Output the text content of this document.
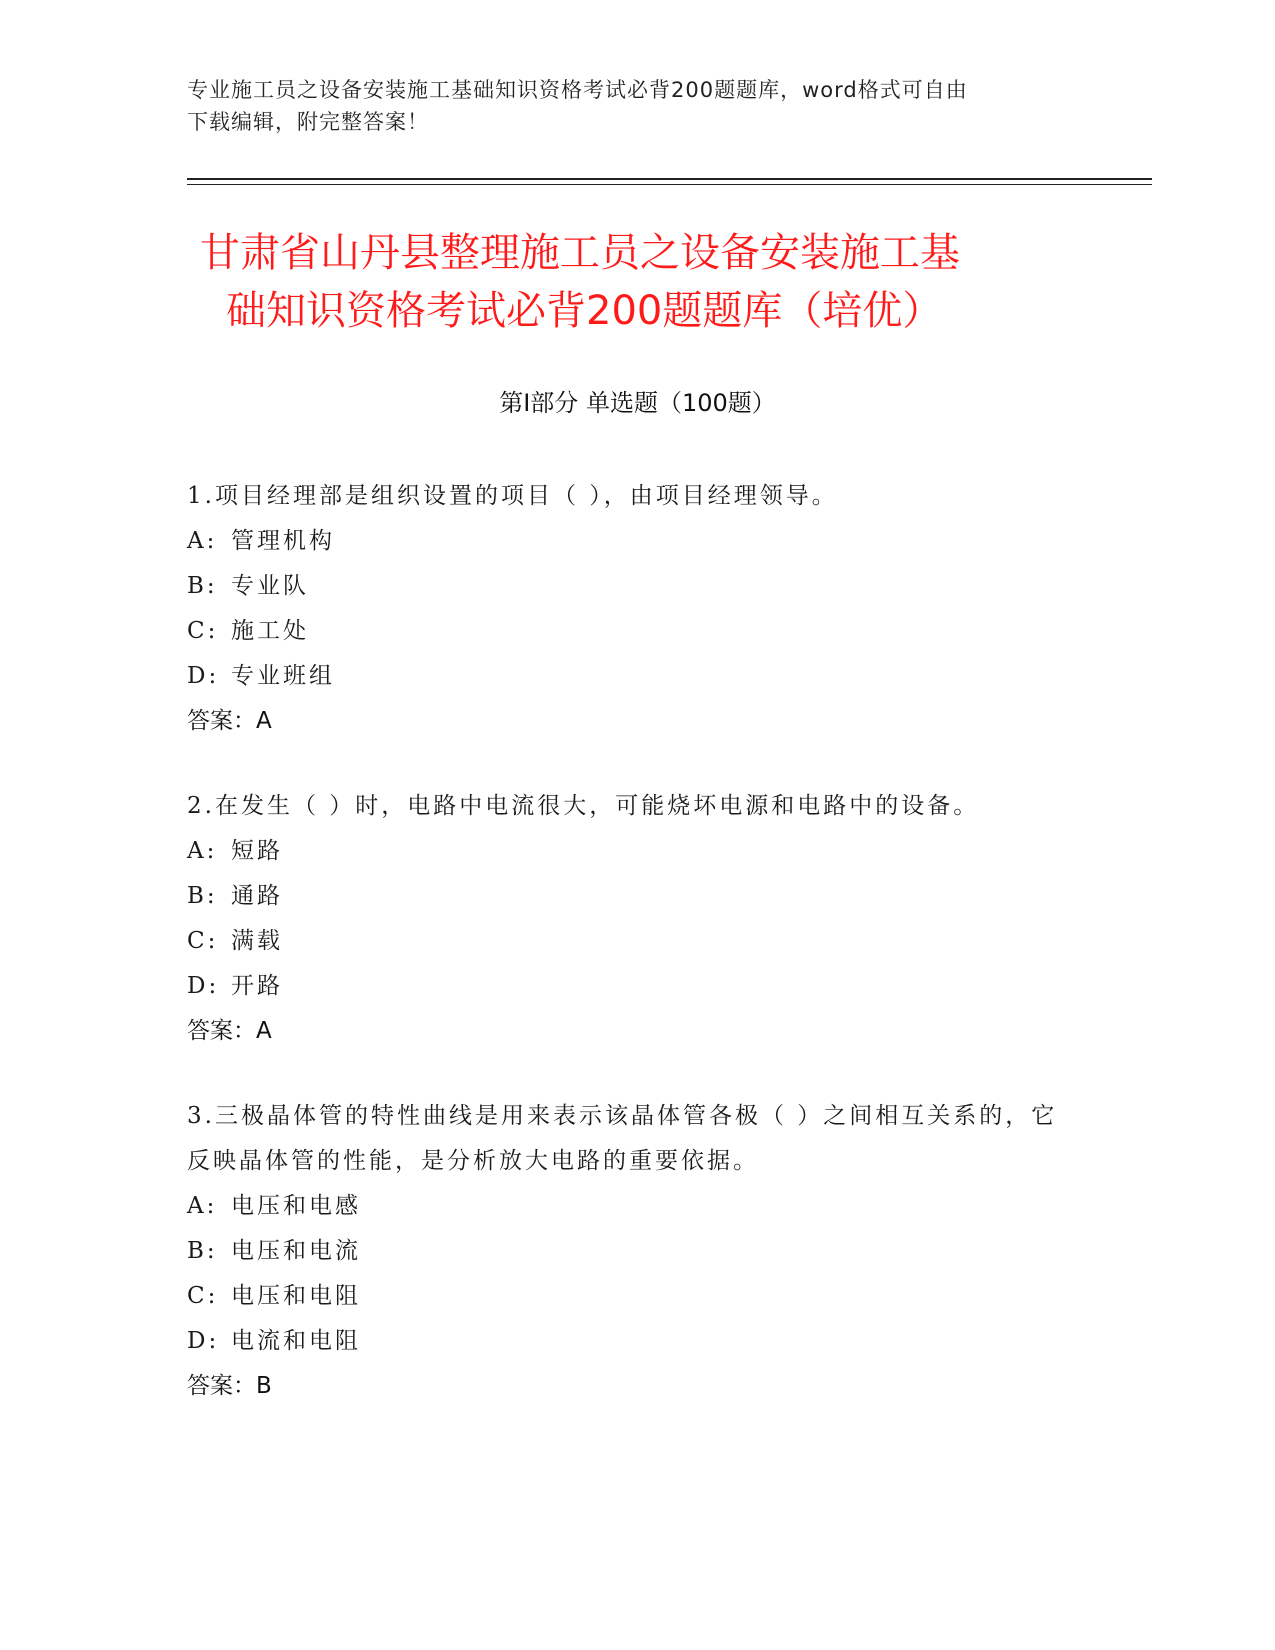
专业施工员之设备安装施工基础知识资格考试必背200题题库，word格式可自由
下载编辑，附完整答案！
甘肃省山丹县整理施工员之设备安装施工基
础知识资格考试必背200题题库（培优）
第Ⅰ部分 单选题（100题）
1.项目经理部是组织设置的项目（ ），由项目经理领导。
A: 管理机构
B: 专业队
C: 施工处
D: 专业班组
答案：A
2.在发生（ ）时，电路中电流很大，可能烧坏电源和电路中的设备。
A: 短路
B: 通路
C: 满载
D: 开路
答案：A
3.三极晶体管的特性曲线是用来表示该晶体管各极（ ）之间相互关系的，它反映晶体管的性能，是分析放大电路的重要依据。
A: 电压和电感
B: 电压和电流
C: 电压和电阻
D: 电流和电阻
答案：B
